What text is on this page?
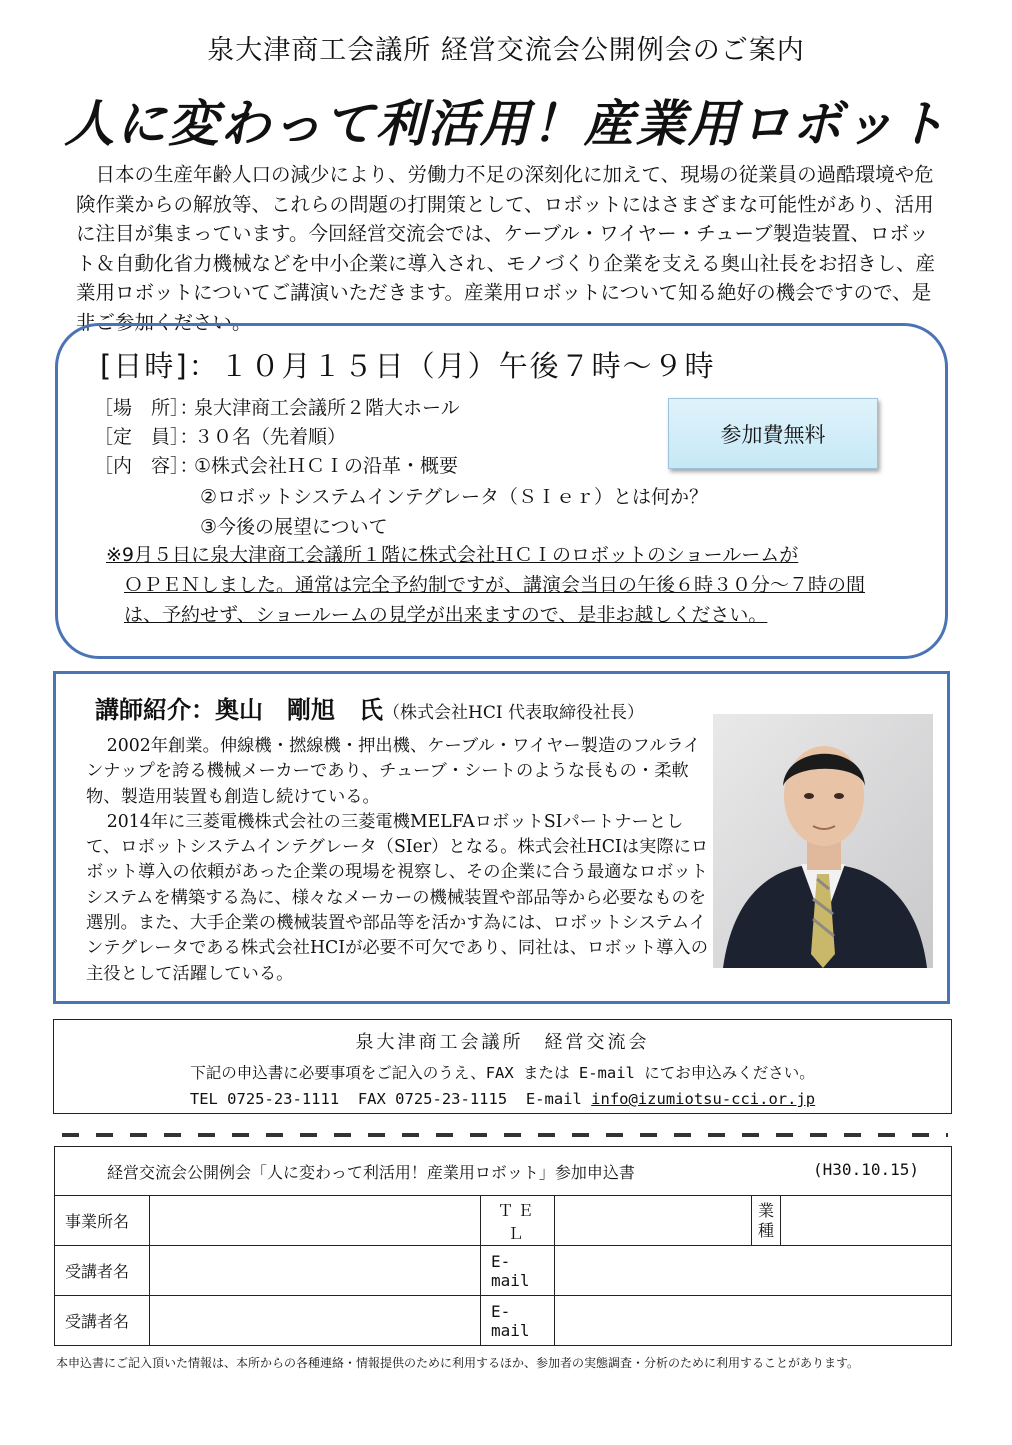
泉大津商工会議所 経営交流会公開例会のご案内
人に変わって利活用！産業用ロボット

日本の生産年齢人口の減少により、労働力不足の深刻化に加えて、現場の従業員の過酷環境や危険作業からの解放等、これらの問題の打開策として、ロボットにはさまざまな可能性があり、活用に注目が集まっています。今回経営交流会では、ケーブル・ワイヤー・チューブ製造装置、ロボット＆自動化省力機械などを中小企業に導入され、モノづくり企業を支える奥山社長をお招きし、産業用ロボットについてご講演いただきます。産業用ロボットについて知る絶好の機会ですので、是非ご参加ください。

[日時]：１０月１５日（月）午後７時～９時
［場　所］：泉大津商工会議所２階大ホール
［定　員］：３０名（先着順）
［内　容］：①株式会社ＨＣＩの沿革・概要
②ロボットシステムインテグレータ（ＳＩｅｒ）とは何か？
③今後の展望について
参加費無料
※9月５日に泉大津商工会議所１階に株式会社ＨＣＩのロボットのショールームが
ＯＰＥＮしました。通常は完全予約制ですが、講演会当日の午後６時３０分～７時の間
は、予約せず、ショールームの見学が出来ますので、是非お越しください。
講師紹介：奥山　剛旭　氏（株式会社HCI 代表取締役社長）

2002年創業。伸線機・撚線機・押出機、ケーブル・ワイヤー製造のフルラインナップを誇る機械メーカーであり、チューブ・シートのような長もの・柔軟物、製造用装置も創造し続けている。

2014年に三菱電機株式会社の三菱電機MELFAロボットSIパートナーとして、ロボットシステムインテグレータ（SIer）となる。株式会社HCIは実際にロボット導入の依頼があった企業の現場を視察し、その企業に合う最適なロボットシステムを構築する為に、様々なメーカーの機械装置や部品等から必要なものを選別。また、大手企業の機械装置や部品等を活かす為には、ロボットシステムインテグレータである株式会社HCIが必要不可欠であり、同社は、ロボット導入の主役として活躍している。

泉大津商工会議所　経営交流会
下記の申込書に必要事項をご記入のうえ、FAX または E-mail にてお申込みください。
TEL 0725-23-1111 FAX 0725-23-1115 E-mail info@izumiotsu-cci.or.jp
経営交流会公開例会「人に変わって利活用！産業用ロボット」参加申込書 (H30.10.15)					

事業所名		ＴＥＬ		業種	
受講者名		E-mail			
受講者名		E-mail			
本申込書にご記入頂いた情報は、本所からの各種連絡・情報提供のために利用するほか、参加者の実態調査・分析のために利用することがあります。
